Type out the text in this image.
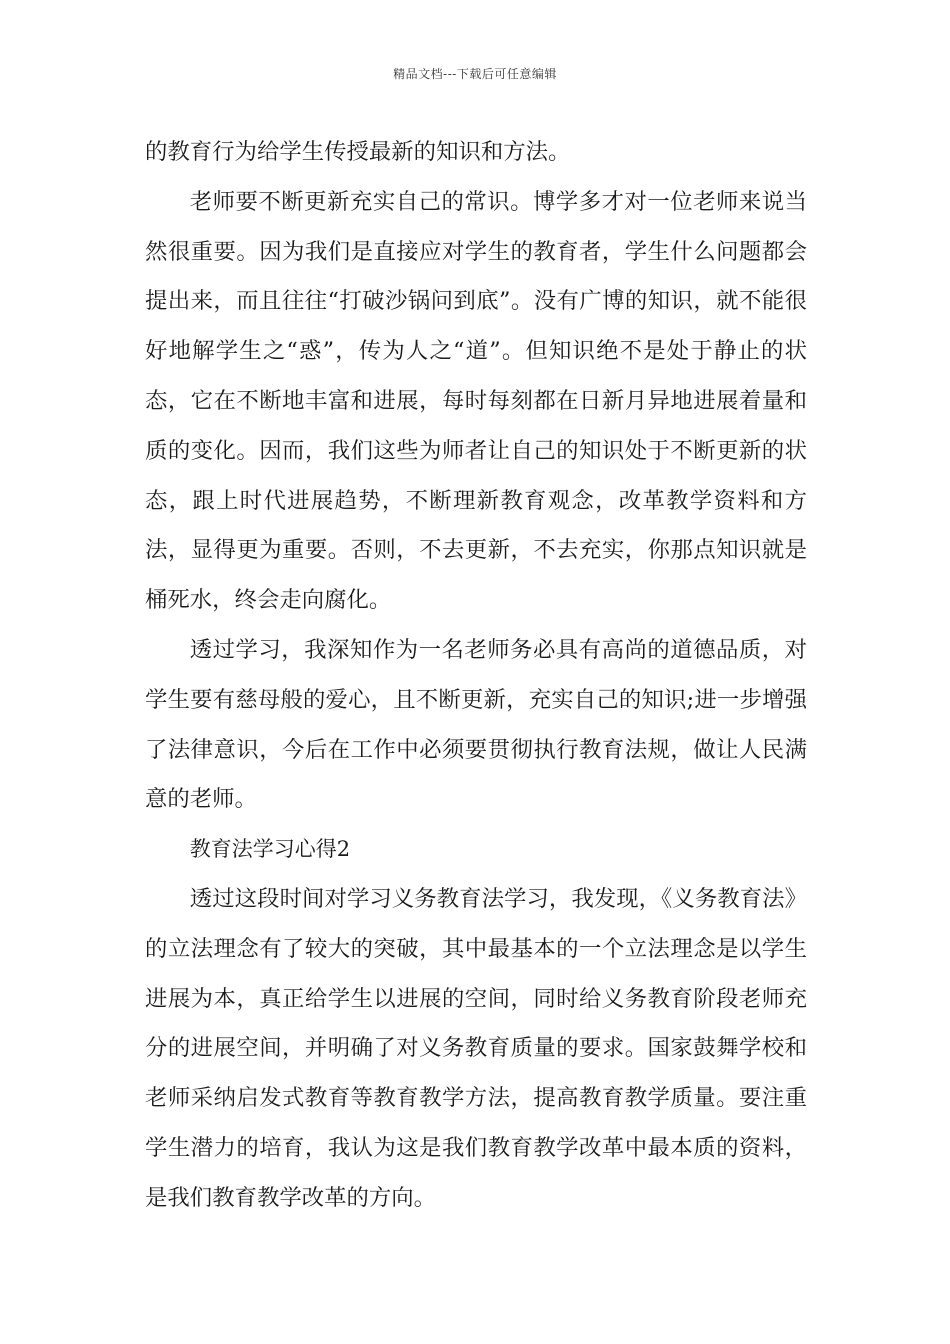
精品文档---下载后可任意编辑

的教育行为给学生传授最新的知识和方法。

老师要不断更新充实自己的常识。博学多才对一位老师来说当然很重要。因为我们是直接应对学生的教育者，学生什么问题都会提出来，而且往往“打破沙锅问到底”。没有广博的知识，就不能很好地解学生之“惑”，传为人之“道”。但知识绝不是处于静止的状态，它在不断地丰富和进展，每时每刻都在日新月异地进展着量和质的变化。因而，我们这些为师者让自己的知识处于不断更新的状态，跟上时代进展趋势，不断理新教育观念，改革教学资料和方法，显得更为重要。否则，不去更新，不去充实，你那点知识就是桶死水，终会走向腐化。

透过学习，我深知作为一名老师务必具有高尚的道德品质，对学生要有慈母般的爱心，且不断更新，充实自己的知识;进一步增强了法律意识，今后在工作中必须要贯彻执行教育法规，做让人民满意的老师。

教育法学习心得2

透过这段时间对学习义务教育法学习，我发现，《义务教育法》的立法理念有了较大的突破，其中最基本的一个立法理念是以学生进展为本，真正给学生以进展的空间，同时给义务教育阶段老师充分的进展空间，并明确了对义务教育质量的要求。国家鼓舞学校和老师采纳启发式教育等教育教学方法，提高教育教学质量。要注重学生潜力的培育，我认为这是我们教育教学改革中最本质的资料，是我们教育教学改革的方向。
